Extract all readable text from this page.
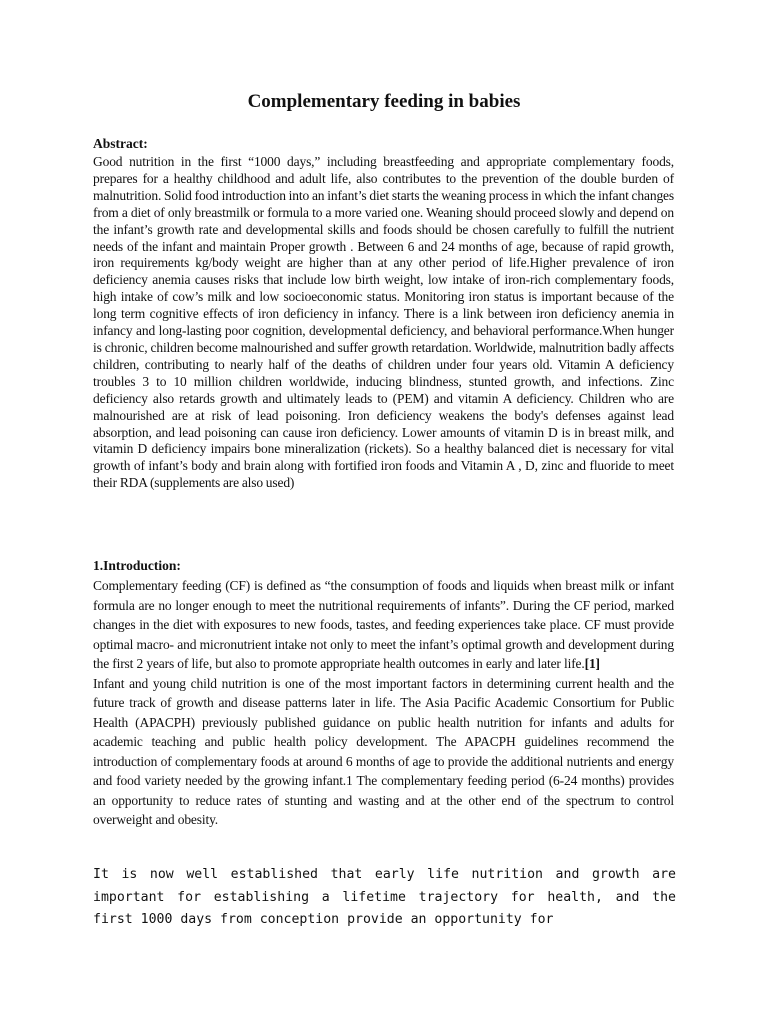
Complementary feeding in babies
Abstract:
Good nutrition in the first “1000 days,” including breastfeeding and appropriate complementary foods, prepares for a healthy childhood and adult life, also contributes to the prevention of the double burden of malnutrition. Solid food introduction into an infant’s diet starts the weaning process in which the infant changes from a diet of only breastmilk or formula to a more varied one. Weaning should proceed slowly and depend on the infant’s growth rate and developmental skills and foods should be chosen carefully to fulfill the nutrient needs of the infant and maintain Proper growth . Between 6 and 24 months of age, because of rapid growth, iron requirements kg/body weight are higher than at any other period of life.Higher prevalence of iron deficiency anemia causes risks that include low birth weight, low intake of iron-rich complementary foods, high intake of cow’s milk and low socioeconomic status. Monitoring iron status is important because of the long term cognitive effects of iron deficiency in infancy. There is a link between iron deficiency anemia in infancy and long-lasting poor cognition, developmental deficiency, and behavioral performance.When hunger is chronic, children become malnourished and suffer growth retardation. Worldwide, malnutrition badly affects children, contributing to nearly half of the deaths of children under four years old. Vitamin A deficiency troubles 3 to 10 million children worldwide, inducing blindness, stunted growth, and infections. Zinc deficiency also retards growth and ultimately leads to (PEM) and vitamin A deficiency. Children who are malnourished are at risk of lead poisoning. Iron deficiency weakens the body's defenses against lead absorption, and lead poisoning can cause iron deficiency. Lower amounts of vitamin D is in breast milk, and vitamin D deficiency impairs bone mineralization (rickets). So a healthy balanced diet is necessary for vital growth of infant’s body and brain along with fortified iron foods and Vitamin A , D, zinc and fluoride to meet their RDA (supplements are also used)
1.Introduction:

Complementary feeding (CF) is defined as “the consumption of foods and liquids when breast milk or infant formula are no longer enough to meet the nutritional requirements of infants”. During the CF period, marked changes in the diet with exposures to new foods, tastes, and feeding experiences take place. CF must provide optimal macro- and micronutrient intake not only to meet the infant’s optimal growth and development during the first 2 years of life, but also to promote appropriate health outcomes in early and later life.[1]

Infant and young child nutrition is one of the most important factors in determining current health and the future track of growth and disease patterns later in life. The Asia Pacific Academic Consortium for Public Health (APACPH) previously published guidance on public health nutrition for infants and adults for academic teaching and public health policy development. The APACPH guidelines recommend the introduction of complementary foods at around 6 months of age to provide the additional nutrients and energy and food variety needed by the growing infant.1 The complementary feeding period (6-24 months) provides an opportunity to reduce rates of stunting and wasting and at the other end of the spectrum to control overweight and obesity.

It is now well established that early life nutrition and growth are important for establishing a lifetime trajectory for health, and the first 1000 days from conception provide an opportunity for
